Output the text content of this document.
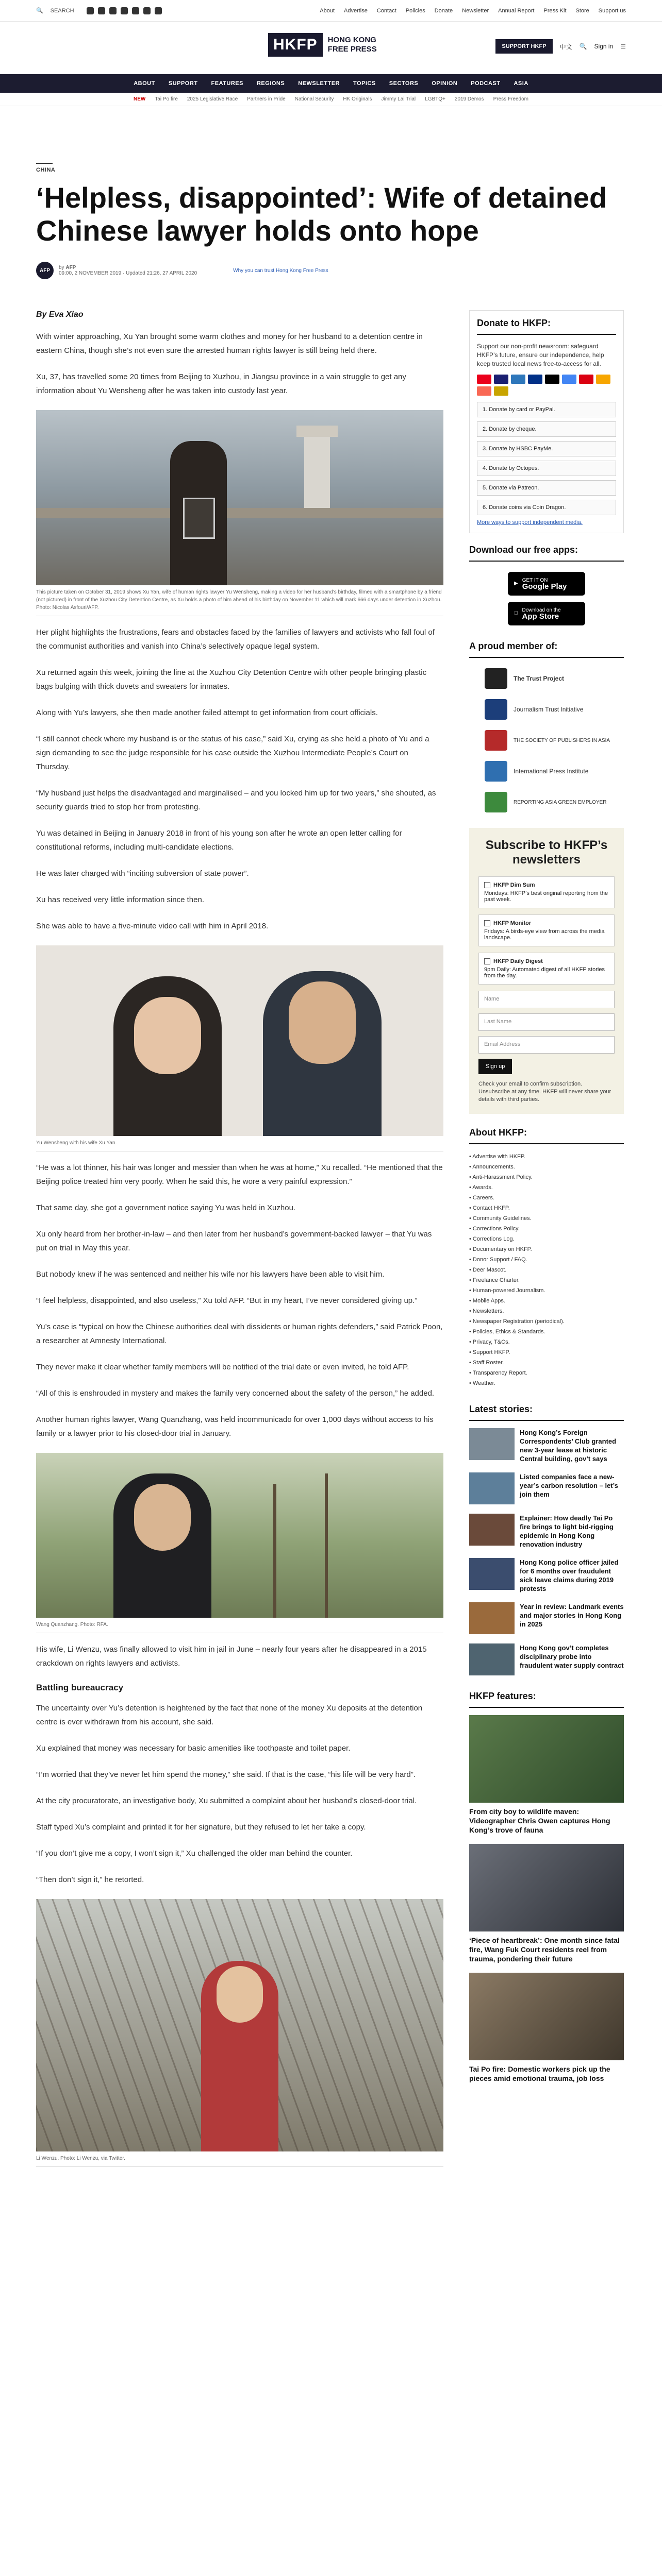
🔍 SEARCH	About Advertise Contact Policies Donate Newsletter Annual Report Press Kit Store Support us
HKFP	HONG KONG
FREE PRESS	SUPPORT HKFP	中文 🔍 Sign in ☰
ABOUT SUPPORT FEATURES REGIONS NEWSLETTER TOPICS SECTORS OPINION PODCAST ASIA
NEW Tai Po fire 2025 Legislative Race Partners in Pride National Security HK Originals Jimmy Lai Trial LGBTQ+ 2019 Demos Press Freedom
CHINA
‘Helpless, disappointed’: Wife of detained Chinese lawyer holds onto hope
AFP	by AFP
09:00, 2 NOVEMBER 2019 · Updated 21:26, 27 APRIL 2020	Why you can trust Hong Kong Free Press
By Eva Xiao

With winter approaching, Xu Yan brought some warm clothes and money for her husband to a detention centre in eastern China, though she’s not even sure the arrested human rights lawyer is still being held there.

Xu, 37, has travelled some 20 times from Beijing to Xuzhou, in Jiangsu province in a vain struggle to get any information about Yu Wensheng after he was taken into custody last year.

This picture taken on October 31, 2019 shows Xu Yan, wife of human rights lawyer Yu Wensheng, making a video for her husband’s birthday, filmed with a smartphone by a friend (not pictured) in front of the Xuzhou City Detention Centre, as Xu holds a photo of him ahead of his birthday on November 11 which will mark 666 days under detention in Xuzhou. Photo: Nicolas Asfouri/AFP.

Her plight highlights the frustrations, fears and obstacles faced by the families of lawyers and activists who fall foul of the communist authorities and vanish into China’s selectively opaque legal system.

Xu returned again this week, joining the line at the Xuzhou City Detention Centre with other people bringing plastic bags bulging with thick duvets and sweaters for inmates.

Along with Yu’s lawyers, she then made another failed attempt to get information from court officials.

“I still cannot check where my husband is or the status of his case,” said Xu, crying as she held a photo of Yu and a sign demanding to see the judge responsible for his case outside the Xuzhou Intermediate People’s Court on Thursday.

“My husband just helps the disadvantaged and marginalised – and you locked him up for two years,” she shouted, as security guards tried to stop her from protesting.

Yu was detained in Beijing in January 2018 in front of his young son after he wrote an open letter calling for constitutional reforms, including multi-candidate elections.

He was later charged with “inciting subversion of state power”.

Xu has received very little information since then.

She was able to have a five-minute video call with him in April 2018.

Yu Wensheng with his wife Xu Yan.

“He was a lot thinner, his hair was longer and messier than when he was at home,” Xu recalled. “He mentioned that the Beijing police treated him very poorly. When he said this, he wore a very painful expression.”

That same day, she got a government notice saying Yu was held in Xuzhou.

Xu only heard from her brother-in-law – and then later from her husband’s government-backed lawyer – that Yu was put on trial in May this year.

But nobody knew if he was sentenced and neither his wife nor his lawyers have been able to visit him.

“I feel helpless, disappointed, and also useless,” Xu told AFP. “But in my heart, I’ve never considered giving up.”

Yu’s case is “typical on how the Chinese authorities deal with dissidents or human rights defenders,” said Patrick Poon, a researcher at Amnesty International.

They never make it clear whether family members will be notified of the trial date or even invited, he told AFP.

“All of this is enshrouded in mystery and makes the family very concerned about the safety of the person,” he added.

Another human rights lawyer, Wang Quanzhang, was held incommunicado for over 1,000 days without access to his family or a lawyer prior to his closed-door trial in January.

Wang Quanzhang. Photo: RFA.

His wife, Li Wenzu, was finally allowed to visit him in jail in June – nearly four years after he disappeared in a 2015 crackdown on rights lawyers and activists.

Battling bureaucracy

The uncertainty over Yu’s detention is heightened by the fact that none of the money Xu deposits at the detention centre is ever withdrawn from his account, she said.

Xu explained that money was necessary for basic amenities like toothpaste and toilet paper.

“I’m worried that they’ve never let him spend the money,” she said. If that is the case, “his life will be very hard”.

At the city procuratorate, an investigative body, Xu submitted a complaint about her husband’s closed-door trial.

Staff typed Xu’s complaint and printed it for her signature, but they refused to let her take a copy.

“If you don’t give me a copy, I won’t sign it,” Xu challenged the older man behind the counter.

“Then don’t sign it,” he retorted.

Li Wenzu. Photo: Li Wenzu, via Twitter.
Donate to HKFP:

Support our non-profit newsroom: safeguard HKFP’s future, ensure our independence, help keep trusted local news free-to-access for all.

1. Donate by card or PayPal.
2. Donate by cheque.
3. Donate by HSBC PayMe.
4. Donate by Octopus.
5. Donate via Patreon.
6. Donate coins via Coin Dragon.
More ways to support independent media.
Download our free apps:
▶
GET IT ON
Google Play
Download on the
App Store
A proud member of:
The Trust Project
Journalism Trust Initiative
THE SOCIETY OF PUBLISHERS IN ASIA
International Press Institute
REPORTING ASIA GREEN EMPLOYER
Subscribe to HKFP’s newsletters
HKFP Dim Sum
Mondays: HKFP’s best original reporting from the past week.
HKFP Monitor
Fridays: A birds-eye view from across the media landscape.
HKFP Daily Digest
9pm Daily: Automated digest of all HKFP stories from the day.
Name
Last Name
Email Address
Sign up
Check your email to confirm subscription. Unsubscribe at any time. HKFP will never share your details with third parties.
About HKFP:
• Advertise with HKFP.
• Announcements.
• Anti-Harassment Policy.
• Awards.
• Careers.
• Contact HKFP.
• Community Guidelines.
• Corrections Policy.
• Corrections Log.
• Documentary on HKFP.
• Donor Support / FAQ.
• Deer Mascot.
• Freelance Charter.
• Human-powered Journalism.
• Mobile Apps.
• Newsletters.
• Newspaper Registration (periodical).
• Policies, Ethics & Standards.
• Privacy, T&Cs.
• Support HKFP.
• Staff Roster.
• Transparency Report.
• Weather.
Latest stories:
Hong Kong’s Foreign Correspondents’ Club granted new 3-year lease at historic Central building, gov’t says
Listed companies face a new-year’s carbon resolution – let’s join them
Explainer: How deadly Tai Po fire brings to light bid-rigging epidemic in Hong Kong renovation industry
Hong Kong police officer jailed for 6 months over fraudulent sick leave claims during 2019 protests
Year in review: Landmark events and major stories in Hong Kong in 2025
Hong Kong gov’t completes disciplinary probe into fraudulent water supply contract
HKFP features:
From city boy to wildlife maven: Videographer Chris Owen captures Hong Kong’s trove of fauna
‘Piece of heartbreak’: One month since fatal fire, Wang Fuk Court residents reel from trauma, pondering their future
Tai Po fire: Domestic workers pick up the pieces amid emotional trauma, job loss
